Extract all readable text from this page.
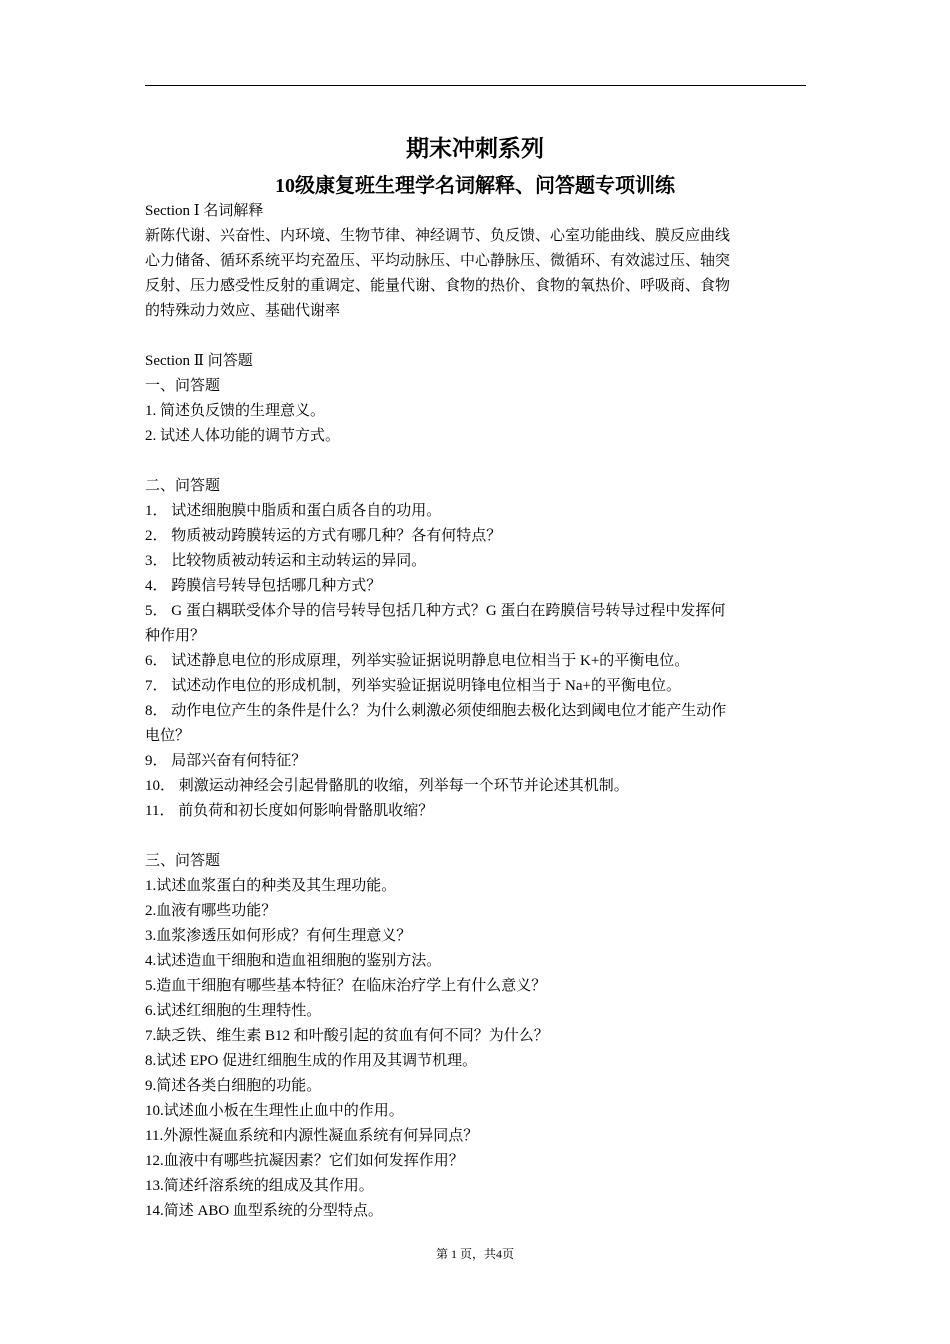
期末冲刺系列
10级康复班生理学名词解释、问答题专项训练

Section Ⅰ 名词解释

新陈代谢、兴奋性、内环境、生物节律、神经调节、负反馈、心室功能曲线、膜反应曲线

心力储备、循环系统平均充盈压、平均动脉压、中心静脉压、微循环、有效滤过压、轴突

反射、压力感受性反射的重调定、能量代谢、食物的热价、食物的氧热价、呼吸商、食物

的特殊动力效应、基础代谢率

Section Ⅱ 问答题

一、问答题

1. 简述负反馈的生理意义。

2. 试述人体功能的调节方式。

二、问答题

1． 试述细胞膜中脂质和蛋白质各自的功用。

2． 物质被动跨膜转运的方式有哪几种？各有何特点？

3． 比较物质被动转运和主动转运的异同。

4． 跨膜信号转导包括哪几种方式？

5． G 蛋白耦联受体介导的信号转导包括几种方式？G 蛋白在跨膜信号转导过程中发挥何

种作用？

6． 试述静息电位的形成原理，列举实验证据说明静息电位相当于 K+的平衡电位。

7． 试述动作电位的形成机制，列举实验证据说明锋电位相当于 Na+的平衡电位。

8． 动作电位产生的条件是什么？为什么刺激必须使细胞去极化达到阈电位才能产生动作

电位？

9． 局部兴奋有何特征？

10． 刺激运动神经会引起骨骼肌的收缩，列举每一个环节并论述其机制。

11． 前负荷和初长度如何影响骨骼肌收缩？

三、问答题

1.试述血浆蛋白的种类及其生理功能。

2.血液有哪些功能？

3.血浆渗透压如何形成？有何生理意义？

4.试述造血干细胞和造血祖细胞的鉴别方法。

5.造血干细胞有哪些基本特征？在临床治疗学上有什么意义？

6.试述红细胞的生理特性。

7.缺乏铁、维生素 B12 和叶酸引起的贫血有何不同？为什么？

8.试述 EPO 促进红细胞生成的作用及其调节机理。

9.简述各类白细胞的功能。

10.试述血小板在生理性止血中的作用。

11.外源性凝血系统和内源性凝血系统有何异同点？

12.血液中有哪些抗凝因素？它们如何发挥作用？

13.简述纤溶系统的组成及其作用。

14.简述 ABO 血型系统的分型特点。

第 1 页，共4页
